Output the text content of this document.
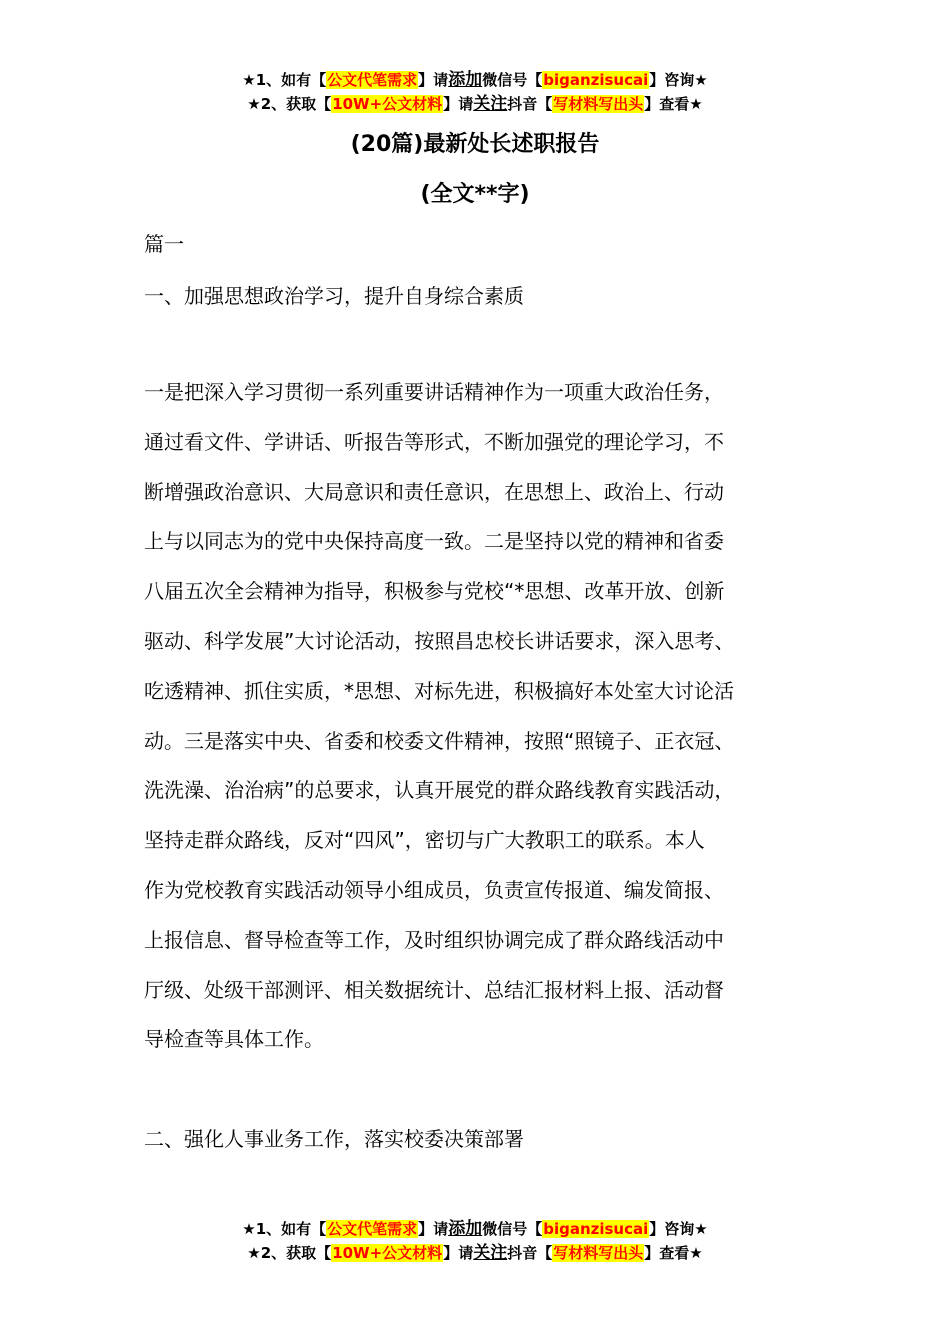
★1、如有【公文代笔需求】请添加微信号【biganzisucai】咨询★
★2、获取【10W+公文材料】请关注抖音【写材料写出头】查看★
(20篇)最新处长述职报告
(全文**字)
篇一
一、加强思想政治学习，提升自身综合素质
一是把深入学习贯彻一系列重要讲话精神作为一项重大政治任务，
通过看文件、学讲话、听报告等形式，不断加强党的理论学习，不
断增强政治意识、大局意识和责任意识，在思想上、政治上、行动
上与以同志为的党中央保持高度一致。二是坚持以党的精神和省委
八届五次全会精神为指导，积极参与党校“*思想、改革开放、创新
驱动、科学发展”大讨论活动，按照昌忠校长讲话要求，深入思考、
吃透精神、抓住实质，*思想、对标先进，积极搞好本处室大讨论活
动。三是落实中央、省委和校委文件精神，按照“照镜子、正衣冠、
洗洗澡、治治病”的总要求，认真开展党的群众路线教育实践活动，
坚持走群众路线，反对“四风”，密切与广大教职工的联系。本人
作为党校教育实践活动领导小组成员，负责宣传报道、编发简报、
上报信息、督导检查等工作，及时组织协调完成了群众路线活动中
厅级、处级干部测评、相关数据统计、总结汇报材料上报、活动督
导检查等具体工作。
二、强化人事业务工作，落实校委决策部署
★1、如有【公文代笔需求】请添加微信号【biganzisucai】咨询★
★2、获取【10W+公文材料】请关注抖音【写材料写出头】查看★
